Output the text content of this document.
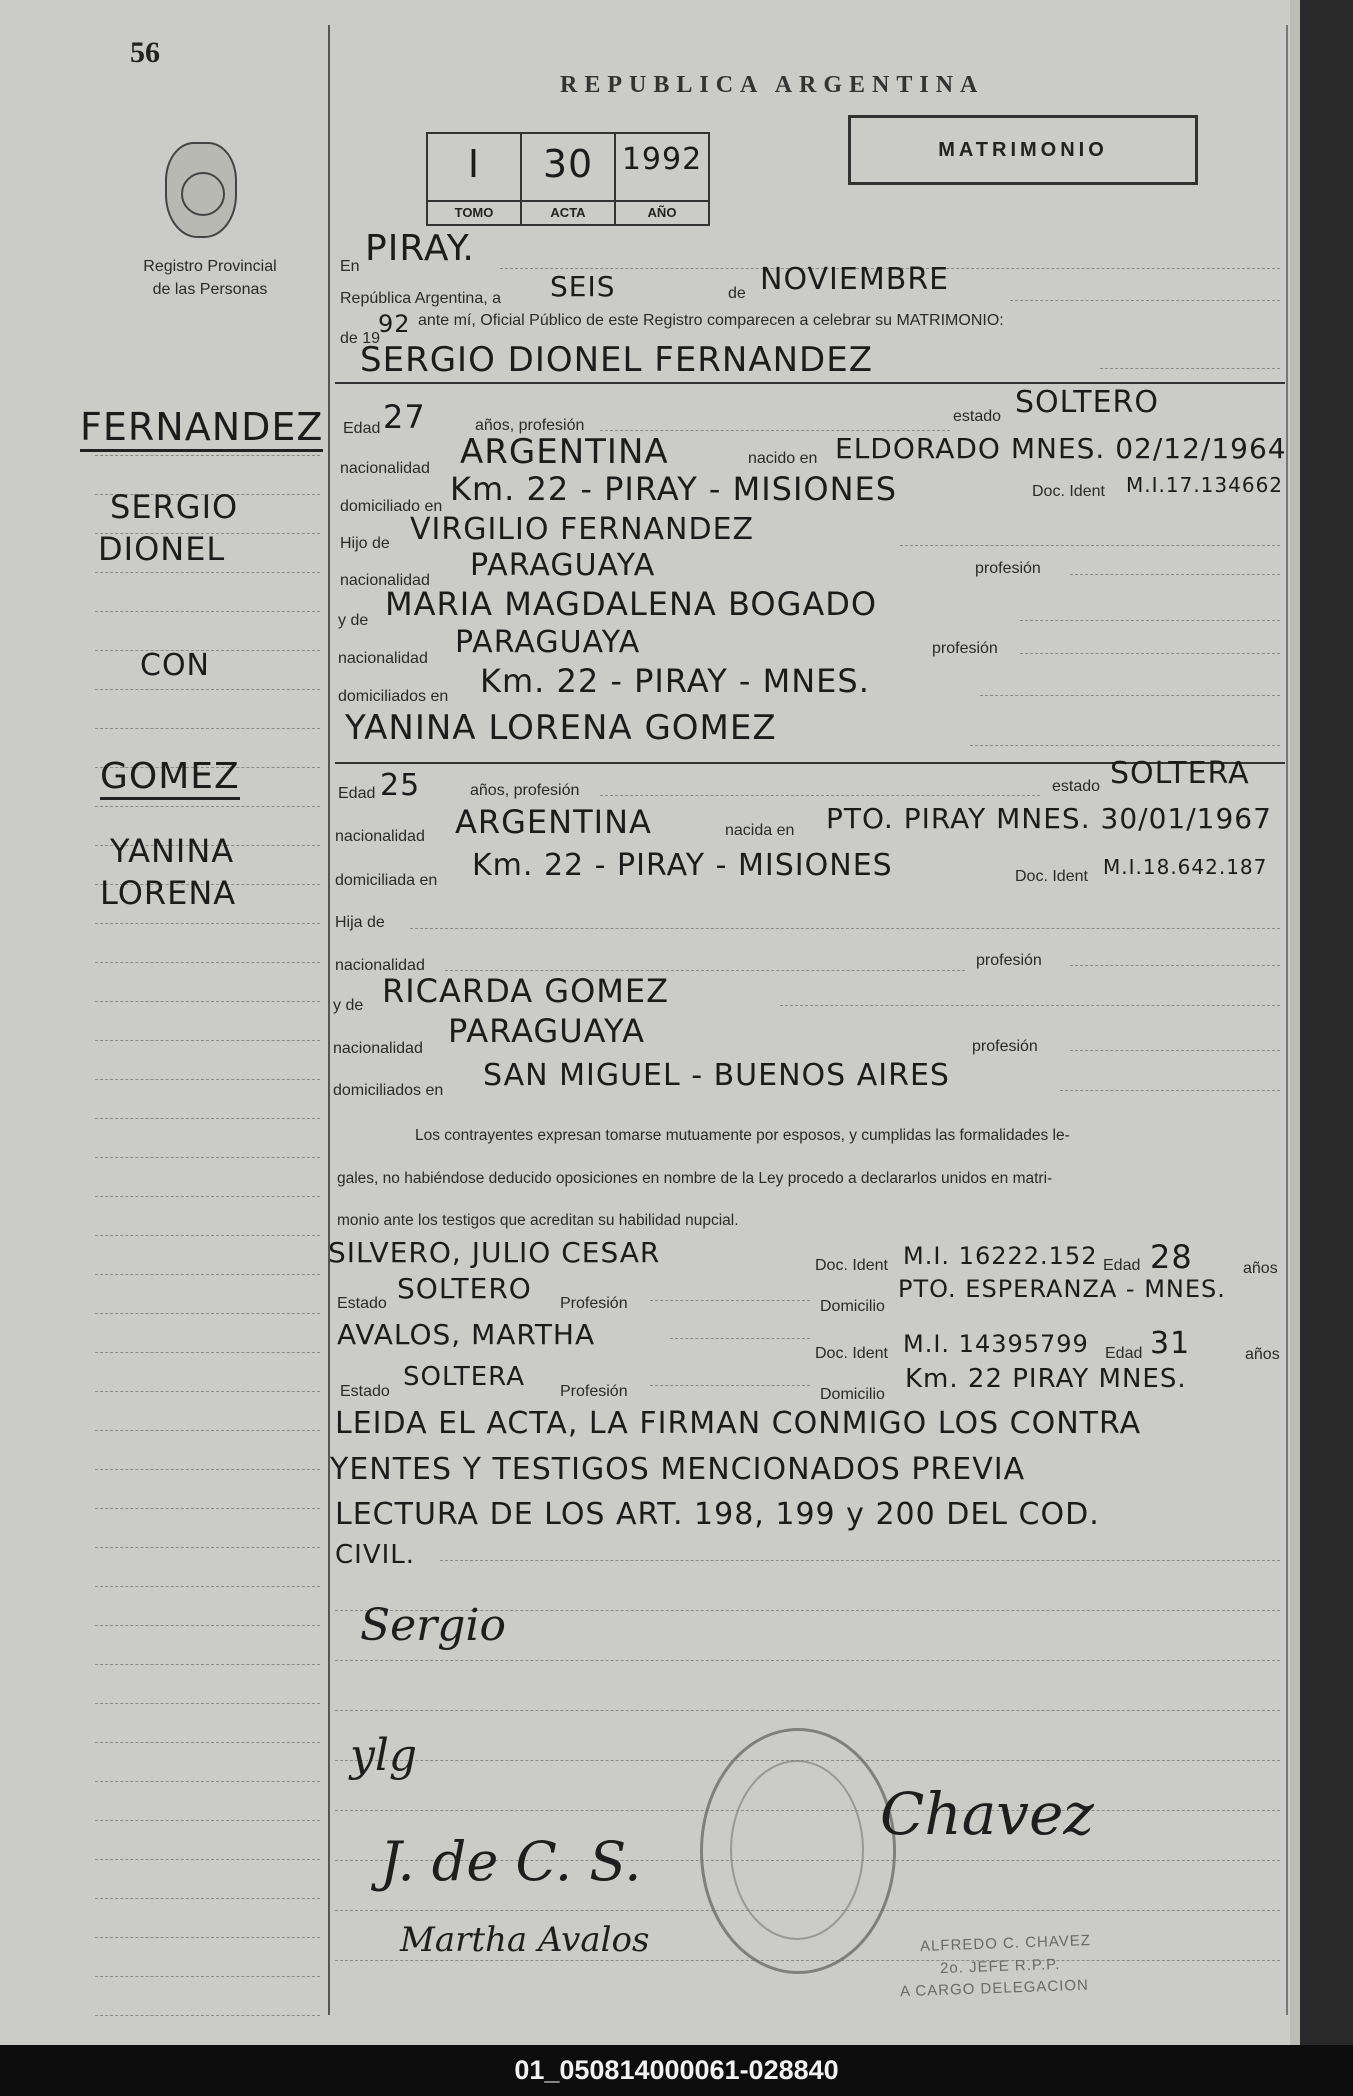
56
Registro Provincial
de las Personas
FERNANDEZ
SERGIO
DIONEL
CON
GOMEZ
YANINA
LORENA
REPUBLICA ARGENTINA
I
TOMO
30
ACTA
1992
AÑO
MATRIMONIO
En PIRAY.
República Argentina, a SEIS	de NOVIEMBRE
de 19
92 ante mí, Oficial Público de este Registro comparecen a celebrar su MATRIMONIO:
SERGIO DIONEL FERNANDEZ
Edad 27	años, profesión
estado SOLTERO
nacionalidad ARGENTINA	nacido en ELDORADO MNES. 02/12/1964
domiciliado en Km. 22 - PIRAY - MISIONES	Doc. Ident M.I.17.134662
Hijo de VIRGILIO FERNANDEZ
nacionalidad PARAGUAYA	profesión
y de MARIA MAGDALENA BOGADO
nacionalidad PARAGUAYA	profesión
domiciliados en Km. 22 - PIRAY - MNES.
YANINA LORENA GOMEZ
Edad 25	años, profesión	estado SOLTERA
nacionalidad ARGENTINA	nacida en PTO. PIRAY MNES. 30/01/1967
domiciliada en Km. 22 - PIRAY - MISIONES	Doc. Ident M.I.18.642.187
Hija de
nacionalidad	profesión
y de RICARDA GOMEZ
nacionalidad PARAGUAYA	profesión
domiciliados en SAN MIGUEL - BUENOS AIRES
Los contrayentes expresan tomarse mutuamente por esposos, y cumplidas las formalidades le-
gales, no habiéndose deducido oposiciones en nombre de la Ley procedo a declararlos unidos en matri-
monio ante los testigos que acreditan su habilidad nupcial.
SILVERO, JULIO CESAR	Doc. Ident M.I. 16222.152 Edad 28	años
Estado SOLTERO Profesión	Domicilio
PTO. ESPERANZA - MNES.
AVALOS, MARTHA
Doc. Ident M.I. 14395799 Edad 31	años
Estado SOLTERA Profesión	Domicilio
Km. 22 PIRAY MNES.
LEIDA EL ACTA, LA FIRMAN CONMIGO LOS CONTRA
YENTES Y TESTIGOS MENCIONADOS PREVIA
LECTURA DE LOS ART. 198, 199 y 200 DEL COD.
CIVIL.
Sergio
ylg
J. de C. S.
Martha Avalos
Chavez
ALFREDO C. CHAVEZ
2o. JEFE R.P.P.
A CARGO DELEGACION
01_050814000061-028840
